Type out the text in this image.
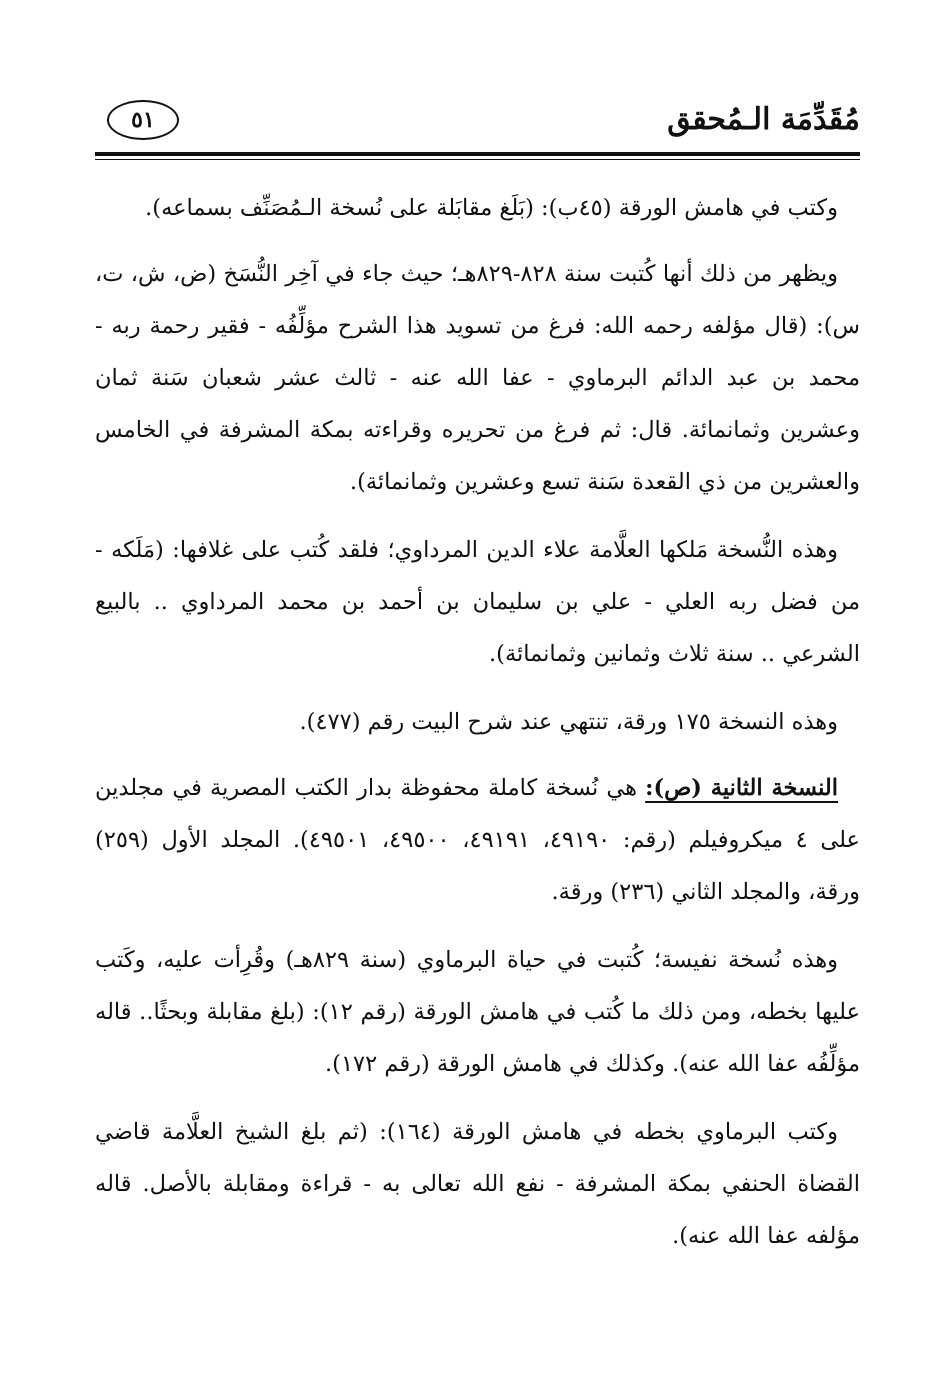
مُقَدِّمَة الـمُحقق
٥١

وكتب في هامش الورقة (٤٥ب): (بَلَغ مقابَلة على نُسخة الـمُصَنِّف بسماعه).

ويظهر من ذلك أنها كُتبت سنة ٨٢٨-٨٢٩هـ؛ حيث جاء في آخِر النُّسَخ (ض، ش، ت، س): (قال مؤلفه رحمه الله: فرغ من تسويد هذا الشرح مؤلِّفُه - فقير رحمة ربه - محمد بن عبد الدائم البرماوي - عفا الله عنه - ثالث عشر شعبان سَنة ثمان وعشرين وثمانمائة. قال: ثم فرغ من تحريره وقراءته بمكة المشرفة في الخامس والعشرين من ذي القعدة سَنة تسع وعشرين وثمانمائة).

وهذه النُّسخة مَلكها العلَّامة علاء الدين المرداوي؛ فلقد كُتب على غلافها: (مَلَكه - من فضل ربه العلي - علي بن سليمان بن أحمد بن محمد المرداوي .. بالبيع الشرعي .. سنة ثلاث وثمانين وثمانمائة).

وهذه النسخة ١٧٥ ورقة، تنتهي عند شرح البيت رقم (٤٧٧).

النسخة الثانية (ص): هي نُسخة كاملة محفوظة بدار الكتب المصرية في مجلدين على ٤ ميكروفيلم (رقم: ٤٩١٩٠، ٤٩١٩١، ٤٩٥٠٠، ٤٩٥٠١). المجلد الأول (٢٥٩) ورقة، والمجلد الثاني (٢٣٦) ورقة.

وهذه نُسخة نفيسة؛ كُتبت في حياة البرماوي (سنة ٨٢٩هـ) وقُرِأت عليه، وكَتب عليها بخطه، ومن ذلك ما كُتب في هامش الورقة (رقم ١٢): (بلغ مقابلة وبحثًا.. قاله مؤلِّفُه عفا الله عنه). وكذلك في هامش الورقة (رقم ١٧٢).

وكتب البرماوي بخطه في هامش الورقة (١٦٤): (ثم بلغ الشيخ العلَّامة قاضي القضاة الحنفي بمكة المشرفة - نفع الله تعالى به - قراءة ومقابلة بالأصل. قاله مؤلفه عفا الله عنه).
